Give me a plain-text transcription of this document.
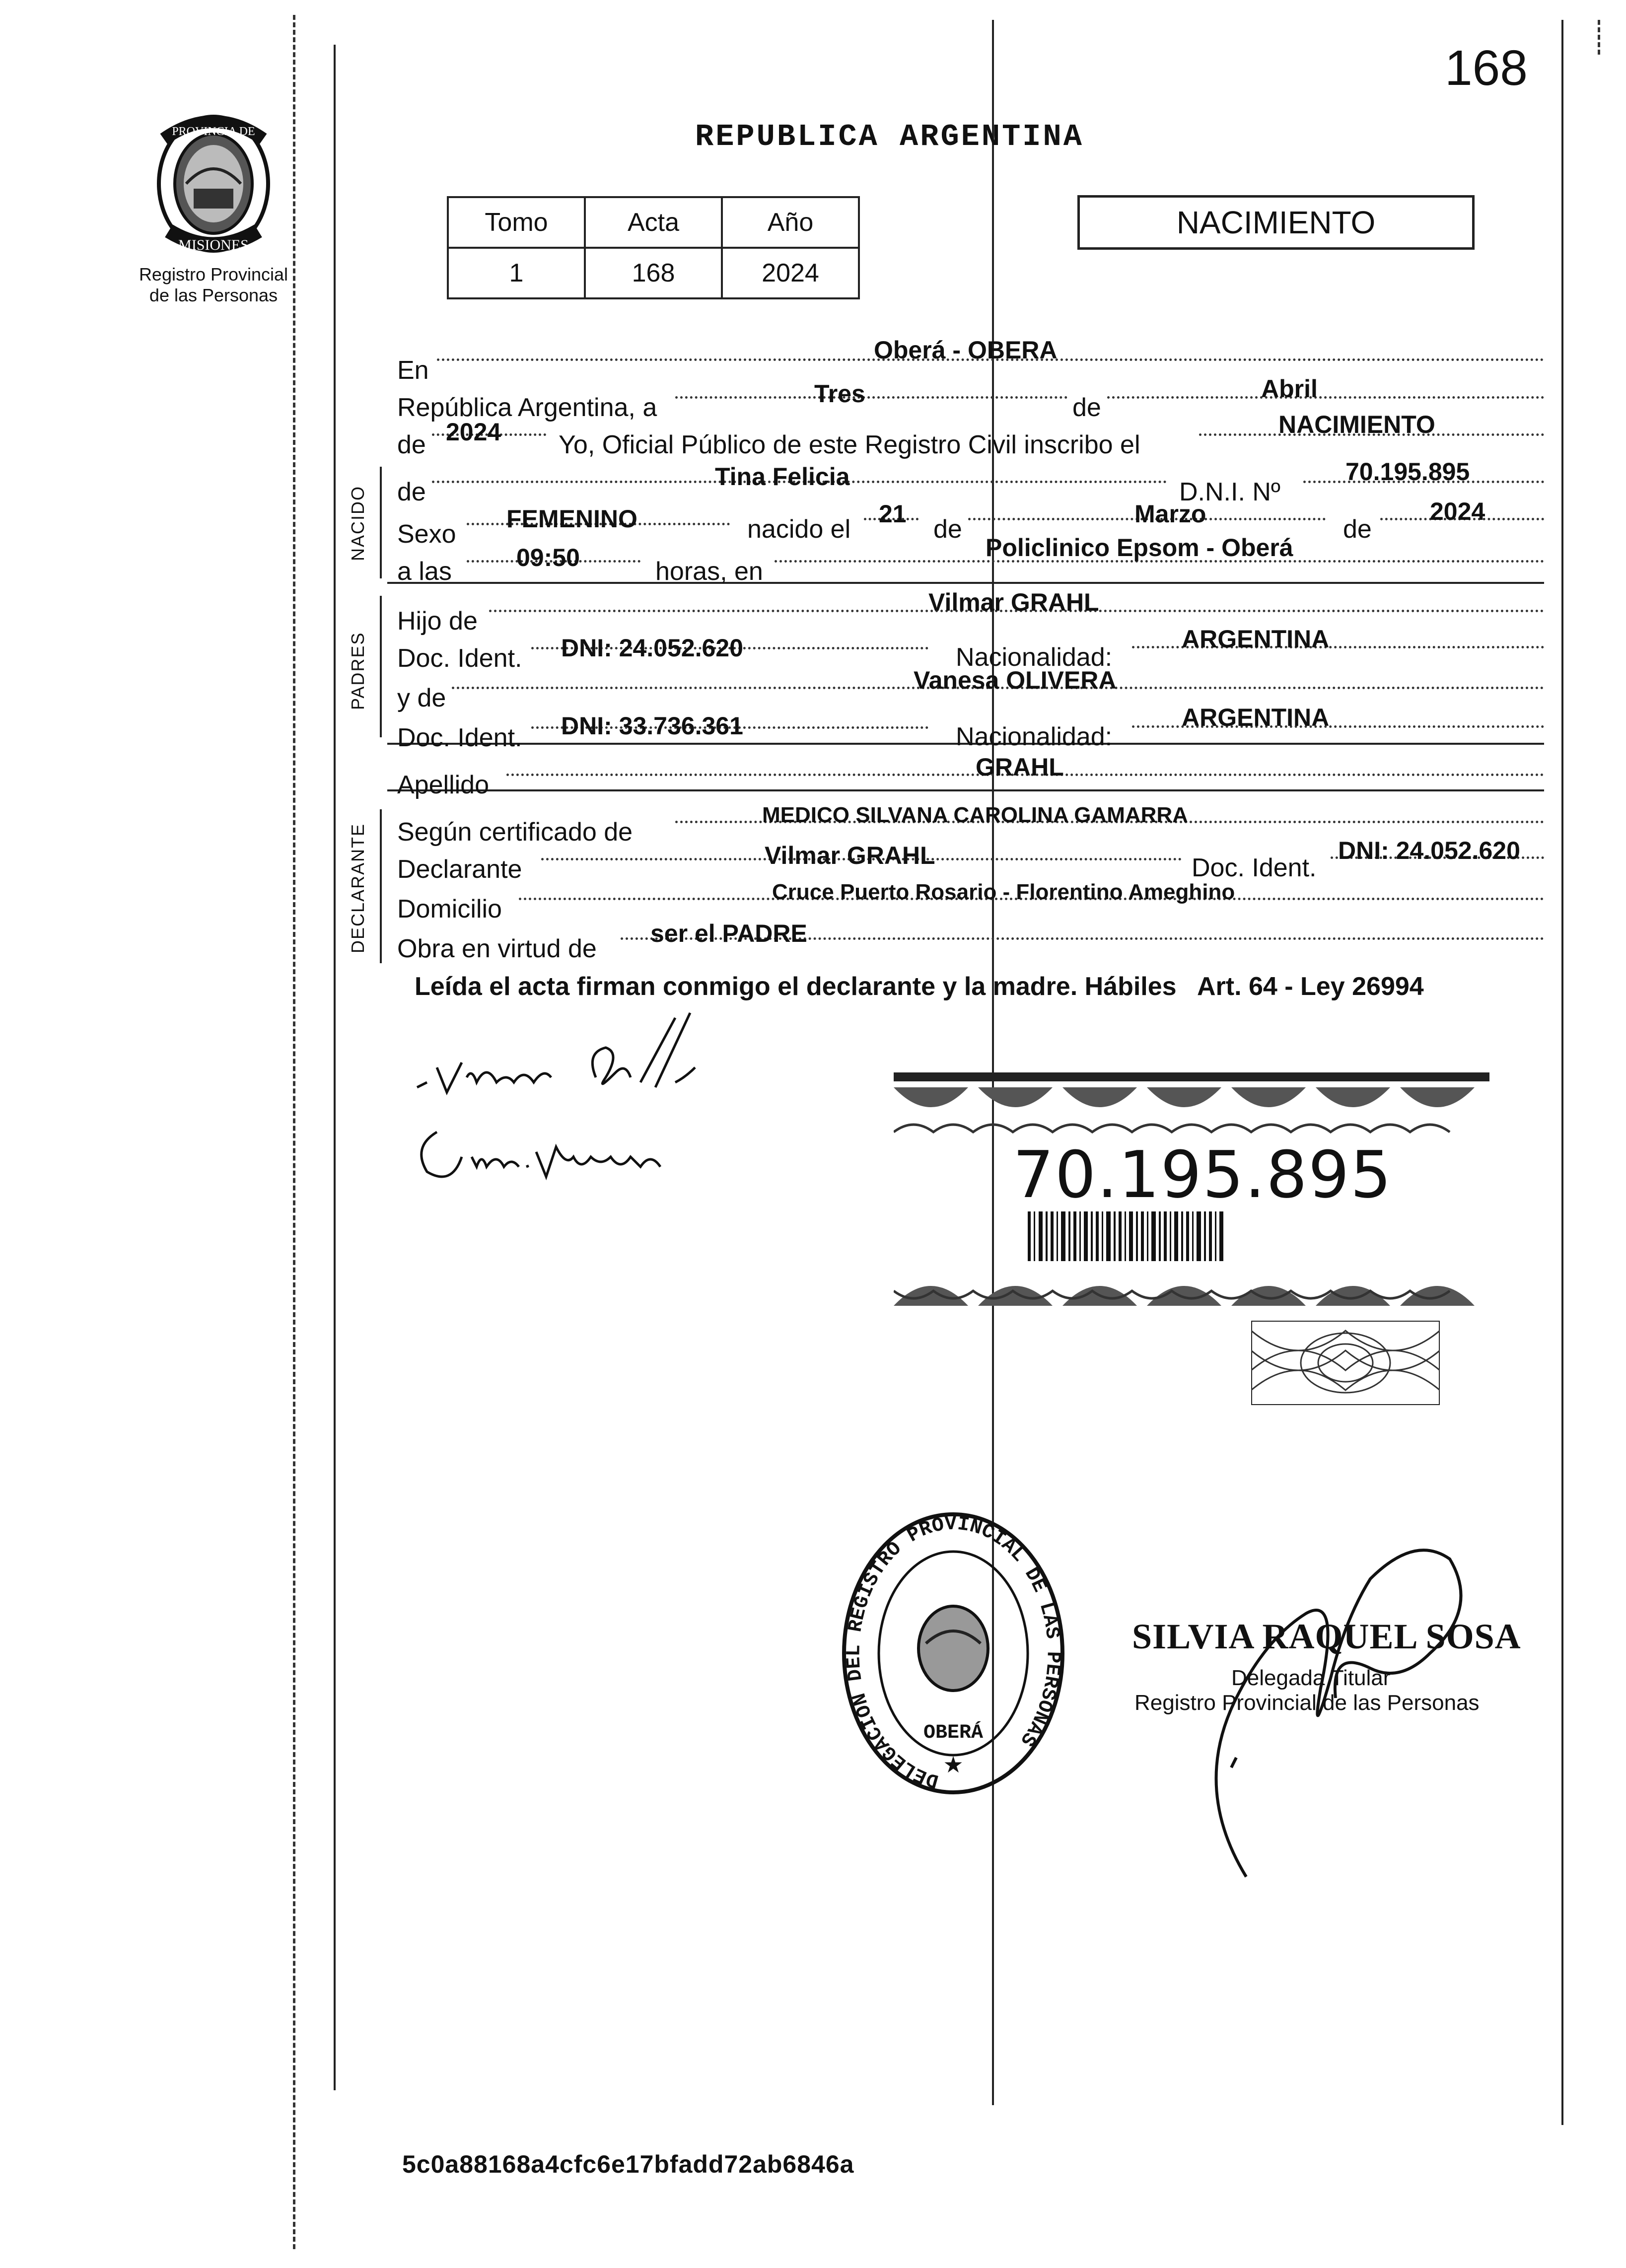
168
PROVINCIA DE
MISIONES
Registro Provincial
de las Personas
REPUBLICA ARGENTINA
Tomo	Acta	Año
1	168	2024
NACIMIENTO
NACIDO
PADRES
DECLARANTE
En
Oberá - OBERA
República Argentina, a	Tres	de
Abril
de 2024 Yo, Oficial Público de este Registro Civil inscribo el
NACIMIENTO
de
Tina Felicia
D.N.I. Nº
70.195.895
Sexo
FEMENINO	nacido el
21
de
Marzo
de
2024
a las	09:50	horas, en
Policlinico Epsom - Oberá
Hijo de
Vilmar GRAHL
Doc. Ident. DNI: 24.052.620	Nacionalidad:
ARGENTINA
y de
Vanesa OLIVERA
Doc. Ident. DNI: 33.736.361	Nacionalidad:
ARGENTINA
Apellido
GRAHL
Según certificado de
MEDICO SILVANA CAROLINA GAMARRA
Declarante	Vilmar GRAHL	Doc. Ident.
DNI: 24.052.620
Domicilio
Cruce Puerto Rosario - Florentino Ameghino
Obra en virtud de
ser el PADRE
Leída el acta firman conmigo el declarante y la madre. Hábiles   Art. 64 - Ley 26994
70.195.895
DELEGACION DEL REGISTRO PROVINCIAL DE LAS PERSONAS
OBERÁ
★
SILVIA RAQUEL SOSA
Delegada Titular
Registro Provincial de las Personas
5c0a88168a4cfc6e17bfadd72ab6846a
